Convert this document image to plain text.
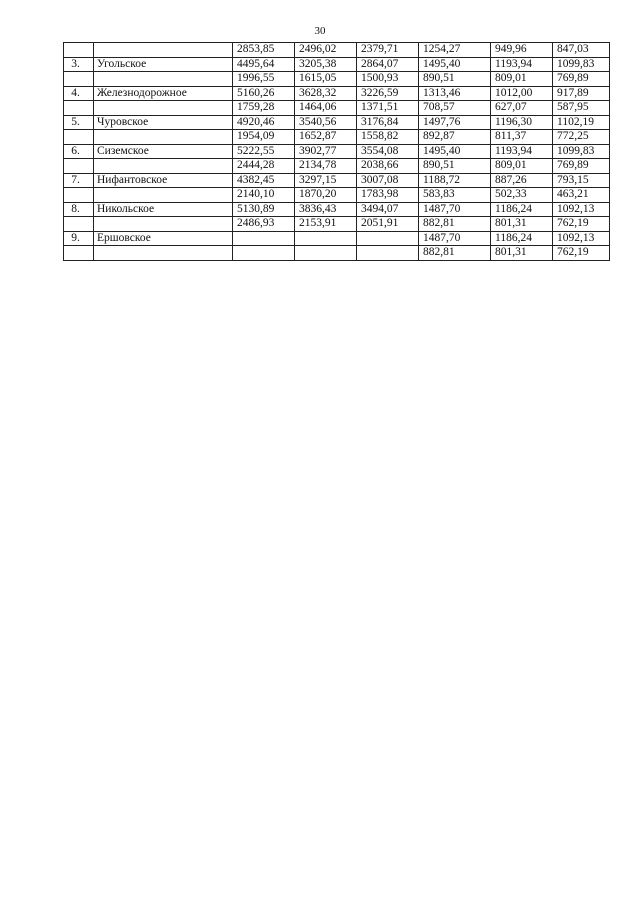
30
		2853,85	2496,02	2379,71	1254,27	949,96	847,03
3.	Угольское	4495,64	3205,38	2864,07	1495,40	1193,94	1099,83
		1996,55	1615,05	1500,93	890,51	809,01	769,89
4.	Железнодорожное	5160,26	3628,32	3226,59	1313,46	1012,00	917,89
		1759,28	1464,06	1371,51	708,57	627,07	587,95
5.	Чуровское	4920,46	3540,56	3176,84	1497,76	1196,30	1102,19
		1954,09	1652,87	1558,82	892,87	811,37	772,25
6.	Сиземское	5222,55	3902,77	3554,08	1495,40	1193,94	1099,83
		2444,28	2134,78	2038,66	890,51	809,01	769,89
7.	Нифантовское	4382,45	3297,15	3007,08	1188,72	887,26	793,15
		2140,10	1870,20	1783,98	583,83	502,33	463,21
8.	Никольское	5130,89	3836,43	3494,07	1487,70	1186,24	1092,13
		2486,93	2153,91	2051,91	882,81	801,31	762,19
9.	Ершовское				1487,70	1186,24	1092,13
					882,81	801,31	762,19
